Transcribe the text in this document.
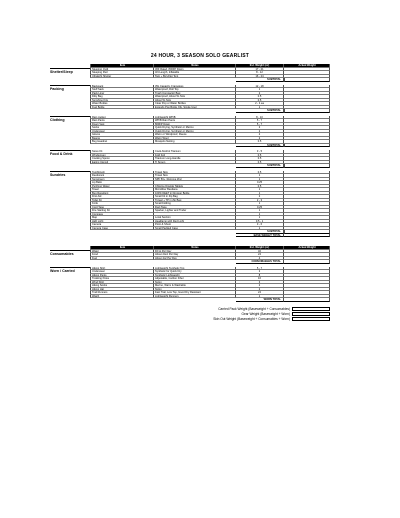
24 HOUR, 3 SEASON SOLO GEARLIST
Item	Notes	Est. Weight (oz)	Actual Weight
Shelter/Sleep
Sleeping Quilt	30F Rated, 800FP Down	17 - 21
Sleeping Pad	3/4 Length, Inflatable	8 - 12
Ultralight Shelter	Tarp + Bivy/Net Tent	16 - 24
SUBTOTAL
Packing
Backpack	35L Capacity, Frameless	12 - 18
Stuff Sack	Waterproof, Roll Top	1
Pack Liner	Trash Compactor Bag	2
Ditty Bag	Waterproof, About 5L Size	0.5
Sunshine Kits	About 5L Size	0.5
Water Bottles	Clear Pop or Water Bottles	2 - 4 ea
Fuel Bottle	Extends Pop Bottle (Ok, Single Use)	1
SUBTOTAL
Clothing
Rain Jacket	Lightweight WP/B	8 - 10
Rain Pants	WP/B Rain Pants	5 - 7
Down Vest	800FP Down	5 - 7
Socks	Quick Drying, Synthetic or Merino	2
Underwear	Quick Drying, Synthetic or Merino	2
Gloves	Warm or Windproof, Fleece	2
Beanie	Warm Wool	2
Bug Headnet	Mosquito Netting	0.5
SUBTOTAL
Food & Drink
Stove Kit	Cook Alcohol Titanium	3 - 5
Windscreen	Fold Foil	0.5
Cooking Spoon	Titanium Long-Handle	0.5
Eating Utensil	Ti Spoon	0.5
SUBTOTAL
Sundries
Toothbrush	Travel Size	0.5
Deodorant	Travel Size	1
Sunscreen	SPF 50+, Remove Zinc	1
Lip Balm	0.25
Purifying Water	Chlorine Dioxide Tablets	0.5
Towel	Microfiber Bandana	1
Bug Repellent	100% DEET in Dropper Bottle	1
First Aid	Small Kit in Zip Bag	2
Toilet Kit	Trowel + TP in Zip Bag	2 - 3
Knife	Small Folding	1
Cord Tape	Duct Tape	0.25
Fire Starting Kit	Sparker, Lighter and Tinder	1
Compass	1
Map	Local Section	1
LED Light	Headlamp with Red Light	0.5 - 1
Camera	Point & Shoot	3 - 6
Camera Case	Small Padded Case	1
SUBTOTAL
BASE WEIGHT TOTAL
Item	Notes	Est. Weight (oz)	Actual Weight
Consumables
Water	Fill to Per Day	32
Food	About 24oz Per Day	24
Fuel	About 4oz Per Day	4
CONSUMABLES TOTAL
Worn / Carried
Hiking Shirt	Lightweight Synthetic Top	5 - 7
Underwear	Synthetic for Quick Dry	2
Hiking Pants	Synthetic Lightweight	8
Trekking Poles	Adjustable, Carbon Fiber	16
Wind Shirt	Nylon	3
Hiking Socks	Merino, Warm & Washable	2
Hiking Hat	Nylon	2
Trail Runners	Fast Trail, Low Top, Good Dry Resistant	24
Watch	Lightweight Runners	1
WORN TOTAL
Carried Pack Weight (Baseweight + Consumables)
Gear Weight (Baseweight + Worn)
Skin Out Weight (Baseweight + Consumables + Worn)
